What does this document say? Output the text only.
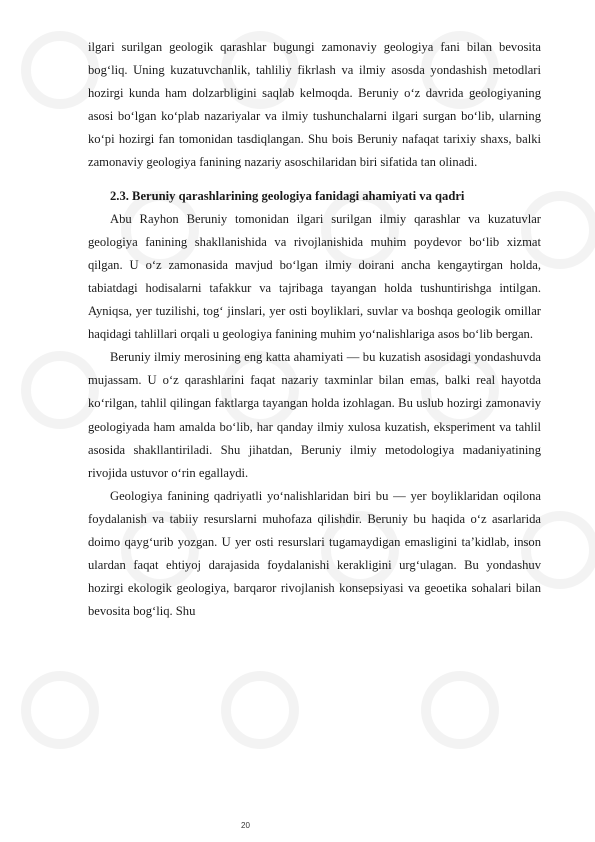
ilgari surilgan geologik qarashlar bugungi zamonaviy geologiya fani bilan bevosita bog‘liq. Uning kuzatuvchanlik, tahliliy fikrlash va ilmiy asosda yondashish metodlari hozirgi kunda ham dolzarbligini saqlab kelmoqda. Beruniy o‘z davrida geologiyaning asosi bo‘lgan ko‘plab nazariyalar va ilmiy tushunchalarni ilgari surgan bo‘lib, ularning ko‘pi hozirgi fan tomonidan tasdiqlangan. Shu bois Beruniy nafaqat tarixiy shaxs, balki zamonaviy geologiya fanining nazariy asoschilaridan biri sifatida tan olinadi.

2.3. Beruniy qarashlarining geologiya fanidagi ahamiyati va qadri

Abu Rayhon Beruniy tomonidan ilgari surilgan ilmiy qarashlar va kuzatuvlar geologiya fanining shakllanishida va rivojlanishida muhim poydevor bo‘lib xizmat qilgan. U o‘z zamonasida mavjud bo‘lgan ilmiy doirani ancha kengaytirgan holda, tabiatdagi hodisalarni tafakkur va tajribaga tayangan holda tushuntirishga intilgan. Ayniqsa, yer tuzilishi, tog‘ jinslari, yer osti boyliklari, suvlar va boshqa geologik omillar haqidagi tahlillari orqali u geologiya fanining muhim yo‘nalishlariga asos bo‘lib bergan.

Beruniy ilmiy merosining eng katta ahamiyati — bu kuzatish asosidagi yondashuvda mujassam. U o‘z qarashlarini faqat nazariy taxminlar bilan emas, balki real hayotda ko‘rilgan, tahlil qilingan faktlarga tayangan holda izohlagan. Bu uslub hozirgi zamonaviy geologiyada ham amalda bo‘lib, har qanday ilmiy xulosa kuzatish, eksperiment va tahlil asosida shakllantiriladi. Shu jihatdan, Beruniy ilmiy metodologiya madaniyatining rivojida ustuvor o‘rin egallaydi.

Geologiya fanining qadriyatli yo‘nalishlaridan biri bu — yer boyliklaridan oqilona foydalanish va tabiiy resurslarni muhofaza qilishdir. Beruniy bu haqida o‘z asarlarida doimo qayg‘urib yozgan. U yer osti resurslari tugamaydigan emasligini ta’kidlab, inson ulardan faqat ehtiyoj darajasida foydalanishi kerakligini urg‘ulagan. Bu yondashuv hozirgi ekologik geologiya, barqaror rivojlanish konsepsiyasi va geoetika sohalari bilan bevosita bog‘liq. Shu

20
